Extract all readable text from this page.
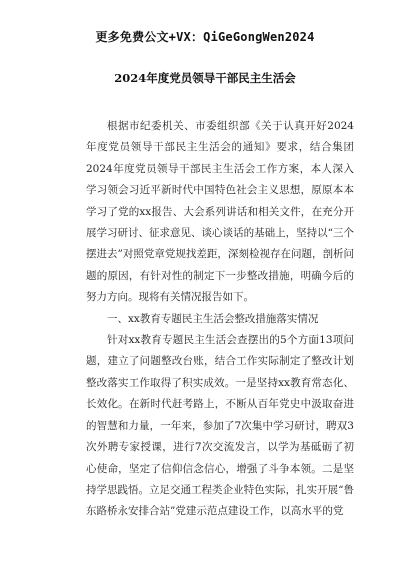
更多免费公文+VX：QiGeGongWen2024
2024年度党员领导干部民主生活会

根据市纪委机关、市委组织部《关于认真开好2024年度党员领导干部民主生活会的通知》要求，结合集团2024年度党员领导干部民主生活会工作方案，本人深入学习领会习近平新时代中国特色社会主义思想，原原本本学习了党的xx报告、大会系列讲话和相关文件，在充分开展学习研讨、征求意见、谈心谈话的基础上，坚持以“三个摆进去”对照党章党规找差距，深刻检视存在问题，剖析问题的原因，有针对性的制定下一步整改措施，明确今后的努力方向。现将有关情况报告如下。

一、xx教育专题民主生活会整改措施落实情况

针对xx教育专题民主生活会查摆出的5个方面13项问题，建立了问题整改台账，结合工作实际制定了整改计划整改落实工作取得了积实成效。一是坚持xx教育常态化、长效化。在新时代赶考路上，不断从百年党史中汲取奋进的智慧和力量，一年来，参加了7次集中学习研讨，聘双3次外聘专家授课，进行7次交流发言，以学为基砥砺了初心使命，坚定了信仰信念信心，增强了斗争本领。二是坚持学思践悟。立足交通工程类企业特色实际，扎实开展“鲁东路桥永安排合站”党建示范点建设工作，以高水平的党
